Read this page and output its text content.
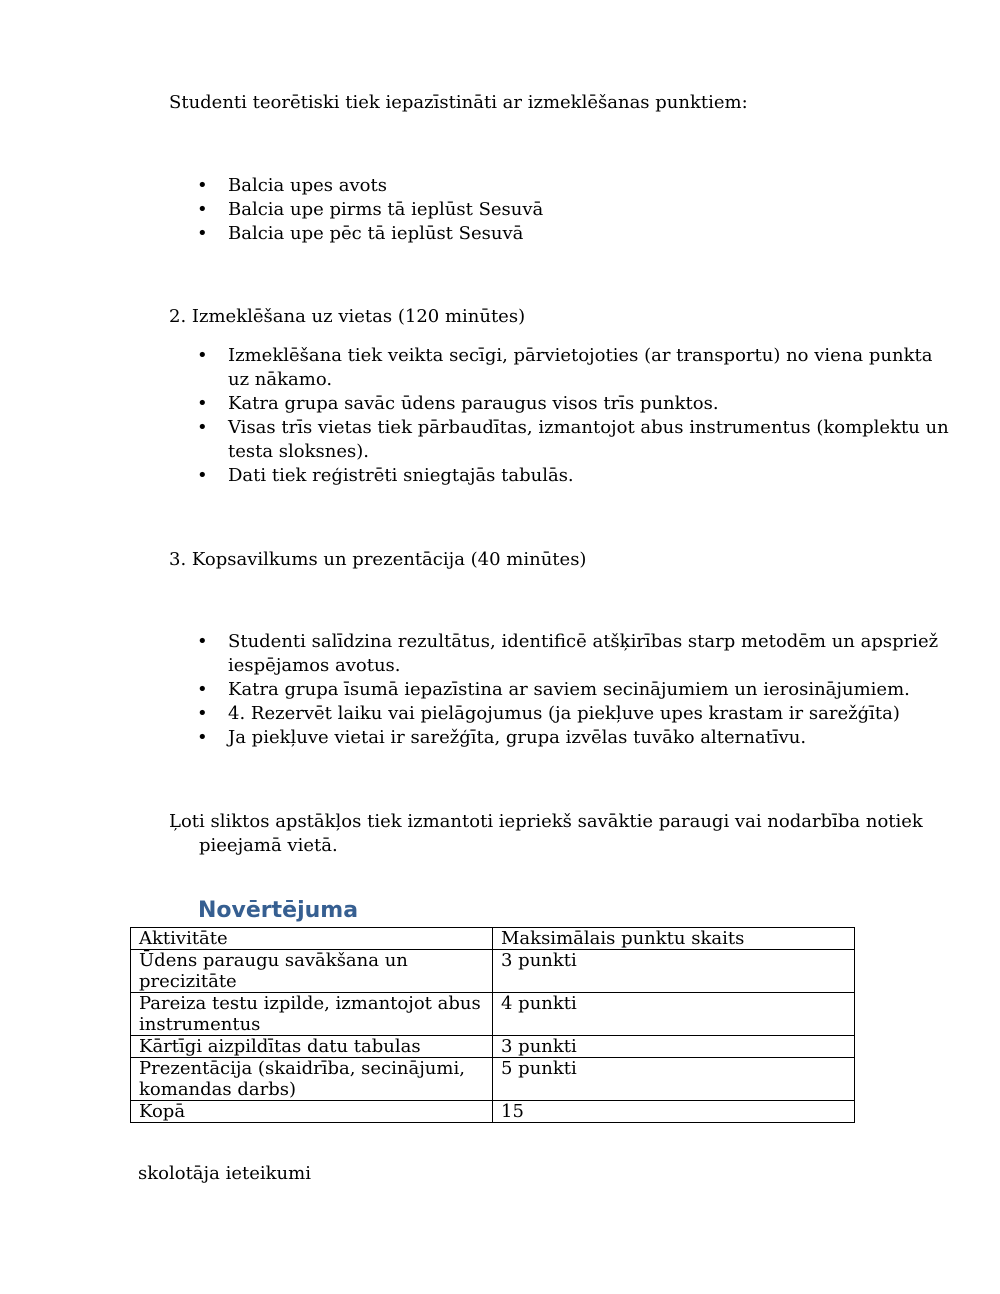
Studenti teorētiski tiek iepazīstināti ar izmeklēšanas punktiem:

• Balcia upes avots
• Balcia upe pirms tā ieplūst Sesuvā
• Balcia upe pēc tā ieplūst Sesuvā

2. Izmeklēšana uz vietas (120 minūtes)

• Izmeklēšana tiek veikta secīgi, pārvietojoties (ar transportu) no viena punkta uz nākamo.
• Katra grupa savāc ūdens paraugus visos trīs punktos.
• Visas trīs vietas tiek pārbaudītas, izmantojot abus instrumentus (komplektu un testa sloksnes).
• Dati tiek reģistrēti sniegtajās tabulās.

3. Kopsavilkums un prezentācija (40 minūtes)

• Studenti salīdzina rezultātus, identificē atšķirības starp metodēm un apspriež iespējamos avotus.
• Katra grupa īsumā iepazīstina ar saviem secinājumiem un ierosinājumiem.
• 4. Rezervēt laiku vai pielāgojumus (ja piekļuve upes krastam ir sarežģīta)
• Ja piekļuve vietai ir sarežģīta, grupa izvēlas tuvāko alternatīvu.

Ļoti sliktos apstākļos tiek izmantoti iepriekš savāktie paraugi vai nodarbība notiek pieejamā vietā.

Novērtējuma
Aktivitāte	Maksimālais punktu skaits
Ūdens paraugu savākšana un precizitāte	3 punkti
Pareiza testu izpilde, izmantojot abus instrumentus	4 punkti
Kārtīgi aizpildītas datu tabulas	3 punkti
Prezentācija (skaidrība, secinājumi, komandas darbs)	5 punkti
Kopā	15

skolotāja ieteikumi
